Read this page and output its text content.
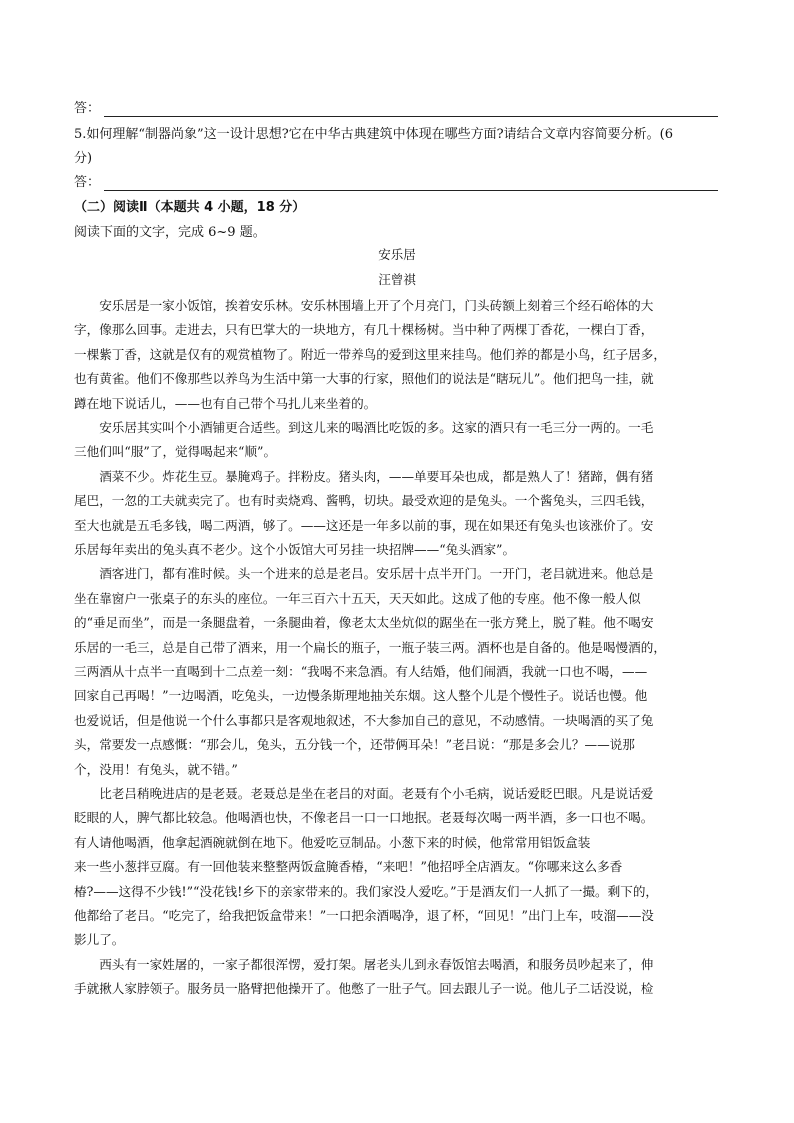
答：
5.如何理解“制器尚象”这一设计思想?它在中华古典建筑中体现在哪些方面?请结合文章内容简要分析。(6
分)
答：
（二）阅读Ⅱ（本题共 4 小题，18 分）
阅读下面的文字，完成 6~9 题。
安乐居
汪曾祺
安乐居是一家小饭馆，挨着安乐林。安乐林围墙上开了个月亮门，门头砖额上刻着三个经石峪体的大
字，像那么回事。走进去，只有巴掌大的一块地方，有几十棵杨树。当中种了两棵丁香花，一棵白丁香，
一棵紫丁香，这就是仅有的观赏植物了。附近一带养鸟的爱到这里来挂鸟。他们养的都是小鸟，红子居多，
也有黄雀。他们不像那些以养鸟为生活中第一大事的行家，照他们的说法是“瞎玩儿”。他们把鸟一挂，就
蹲在地下说话儿，——也有自己带个马扎儿来坐着的。
安乐居其实叫个小酒铺更合适些。到这儿来的喝酒比吃饭的多。这家的酒只有一毛三分一两的。一毛
三他们叫“服”了，觉得喝起来“顺”。
酒菜不少。炸花生豆。暴腌鸡子。拌粉皮。猪头肉，——单要耳朵也成，都是熟人了！猪蹄，偶有猪
尾巴，一忽的工夫就卖完了。也有时卖烧鸡、酱鸭，切块。最受欢迎的是兔头。一个酱兔头，三四毛钱，
至大也就是五毛多钱，喝二两酒，够了。——这还是一年多以前的事，现在如果还有兔头也该涨价了。安
乐居每年卖出的兔头真不老少。这个小饭馆大可另挂一块招牌——“兔头酒家”。
酒客进门，都有准时候。头一个进来的总是老吕。安乐居十点半开门。一开门，老吕就进来。他总是
坐在靠窗户一张桌子的东头的座位。一年三百六十五天，天天如此。这成了他的专座。他不像一般人似
的“垂足而坐”，而是一条腿盘着，一条腿曲着，像老太太坐炕似的踞坐在一张方凳上，脱了鞋。他不喝安
乐居的一毛三，总是自己带了酒来，用一个扁长的瓶子，一瓶子装三两。酒杯也是自备的。他是喝慢酒的，
三两酒从十点半一直喝到十二点差一刻：“我喝不来急酒。有人结婚，他们闹酒，我就一口也不喝，——
回家自己再喝！”一边喝酒，吃兔头，一边慢条斯理地抽关东烟。这人整个儿是个慢性子。说话也慢。他
也爱说话，但是他说一个什么事都只是客观地叙述，不大参加自己的意见，不动感情。一块喝酒的买了兔
头，常要发一点感慨：“那会儿，兔头，五分钱一个，还带俩耳朵！”老吕说：“那是多会儿？——说那
个，没用！有兔头，就不错。”
比老吕稍晚进店的是老聂。老聂总是坐在老吕的对面。老聂有个小毛病，说话爱眨巴眼。凡是说话爱
眨眼的人，脾气都比较急。他喝酒也快，不像老吕一口一口地抿。老聂每次喝一两半酒，多一口也不喝。
有人请他喝酒，他拿起酒碗就倒在地下。他爱吃豆制品。小葱下来的时候，他常常用铝饭盒装
来一些小葱拌豆腐。有一回他装来整整两饭盒腌香椿，“来吧！”他招呼全店酒友。“你哪来这么多香
椿?——这得不少钱!”“没花钱!乡下的亲家带来的。我们家没人爱吃。”于是酒友们一人抓了一撮。剩下的，
他都给了老吕。“吃完了，给我把饭盒带来！”一口把余酒喝净，退了杯，“回见！”出门上车，吱溜——没
影儿了。
西头有一家姓屠的，一家子都很浑愣，爱打架。屠老头儿到永春饭馆去喝酒，和服务员吵起来了，伸
手就揪人家脖领子。服务员一胳臂把他操开了。他憋了一肚子气。回去跟儿子一说。他儿子二话没说，检
